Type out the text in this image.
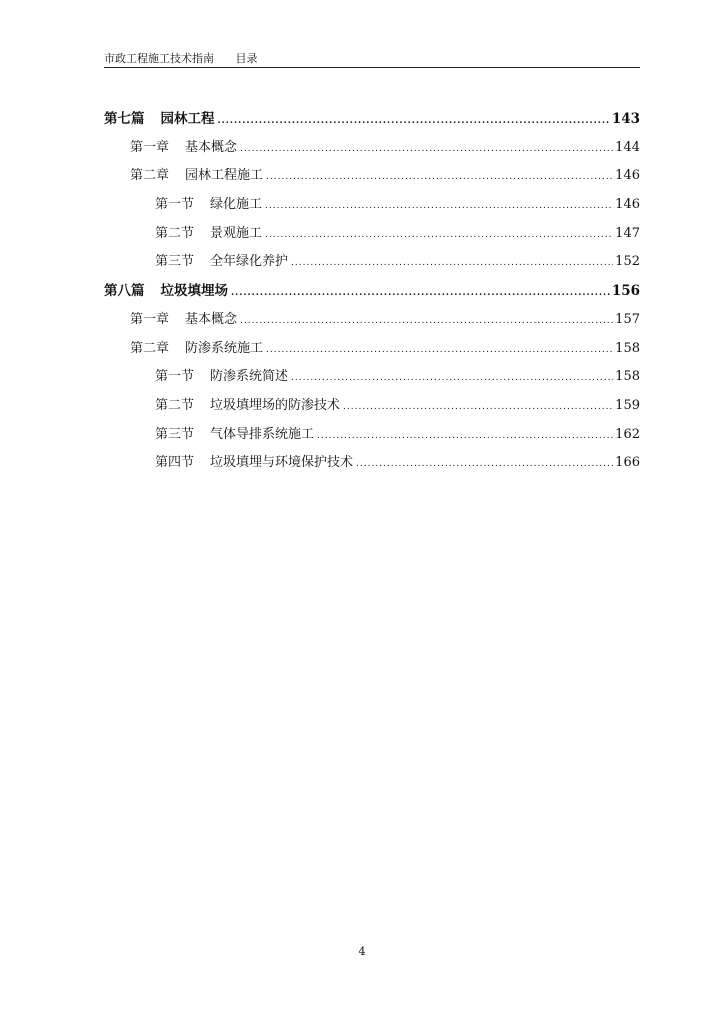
市政工程施工技术指南 目录
第七篇 园林工程 .....	143
第一章 基本概念 .....	144
第二章 园林工程施工 .....	146
第一节 绿化施工 .....	146
第二节 景观施工 .....	147
第三节 全年绿化养护 .....	152
第八篇 垃圾填埋场 .....	156
第一章 基本概念 .....	157
第二章 防渗系统施工 .....	158
第一节 防渗系统简述 .....	158
第二节 垃圾填埋场的防渗技术 .....	159
第三节 气体导排系统施工 .....	162
第四节 垃圾填埋与环境保护技术 .....	166
4
